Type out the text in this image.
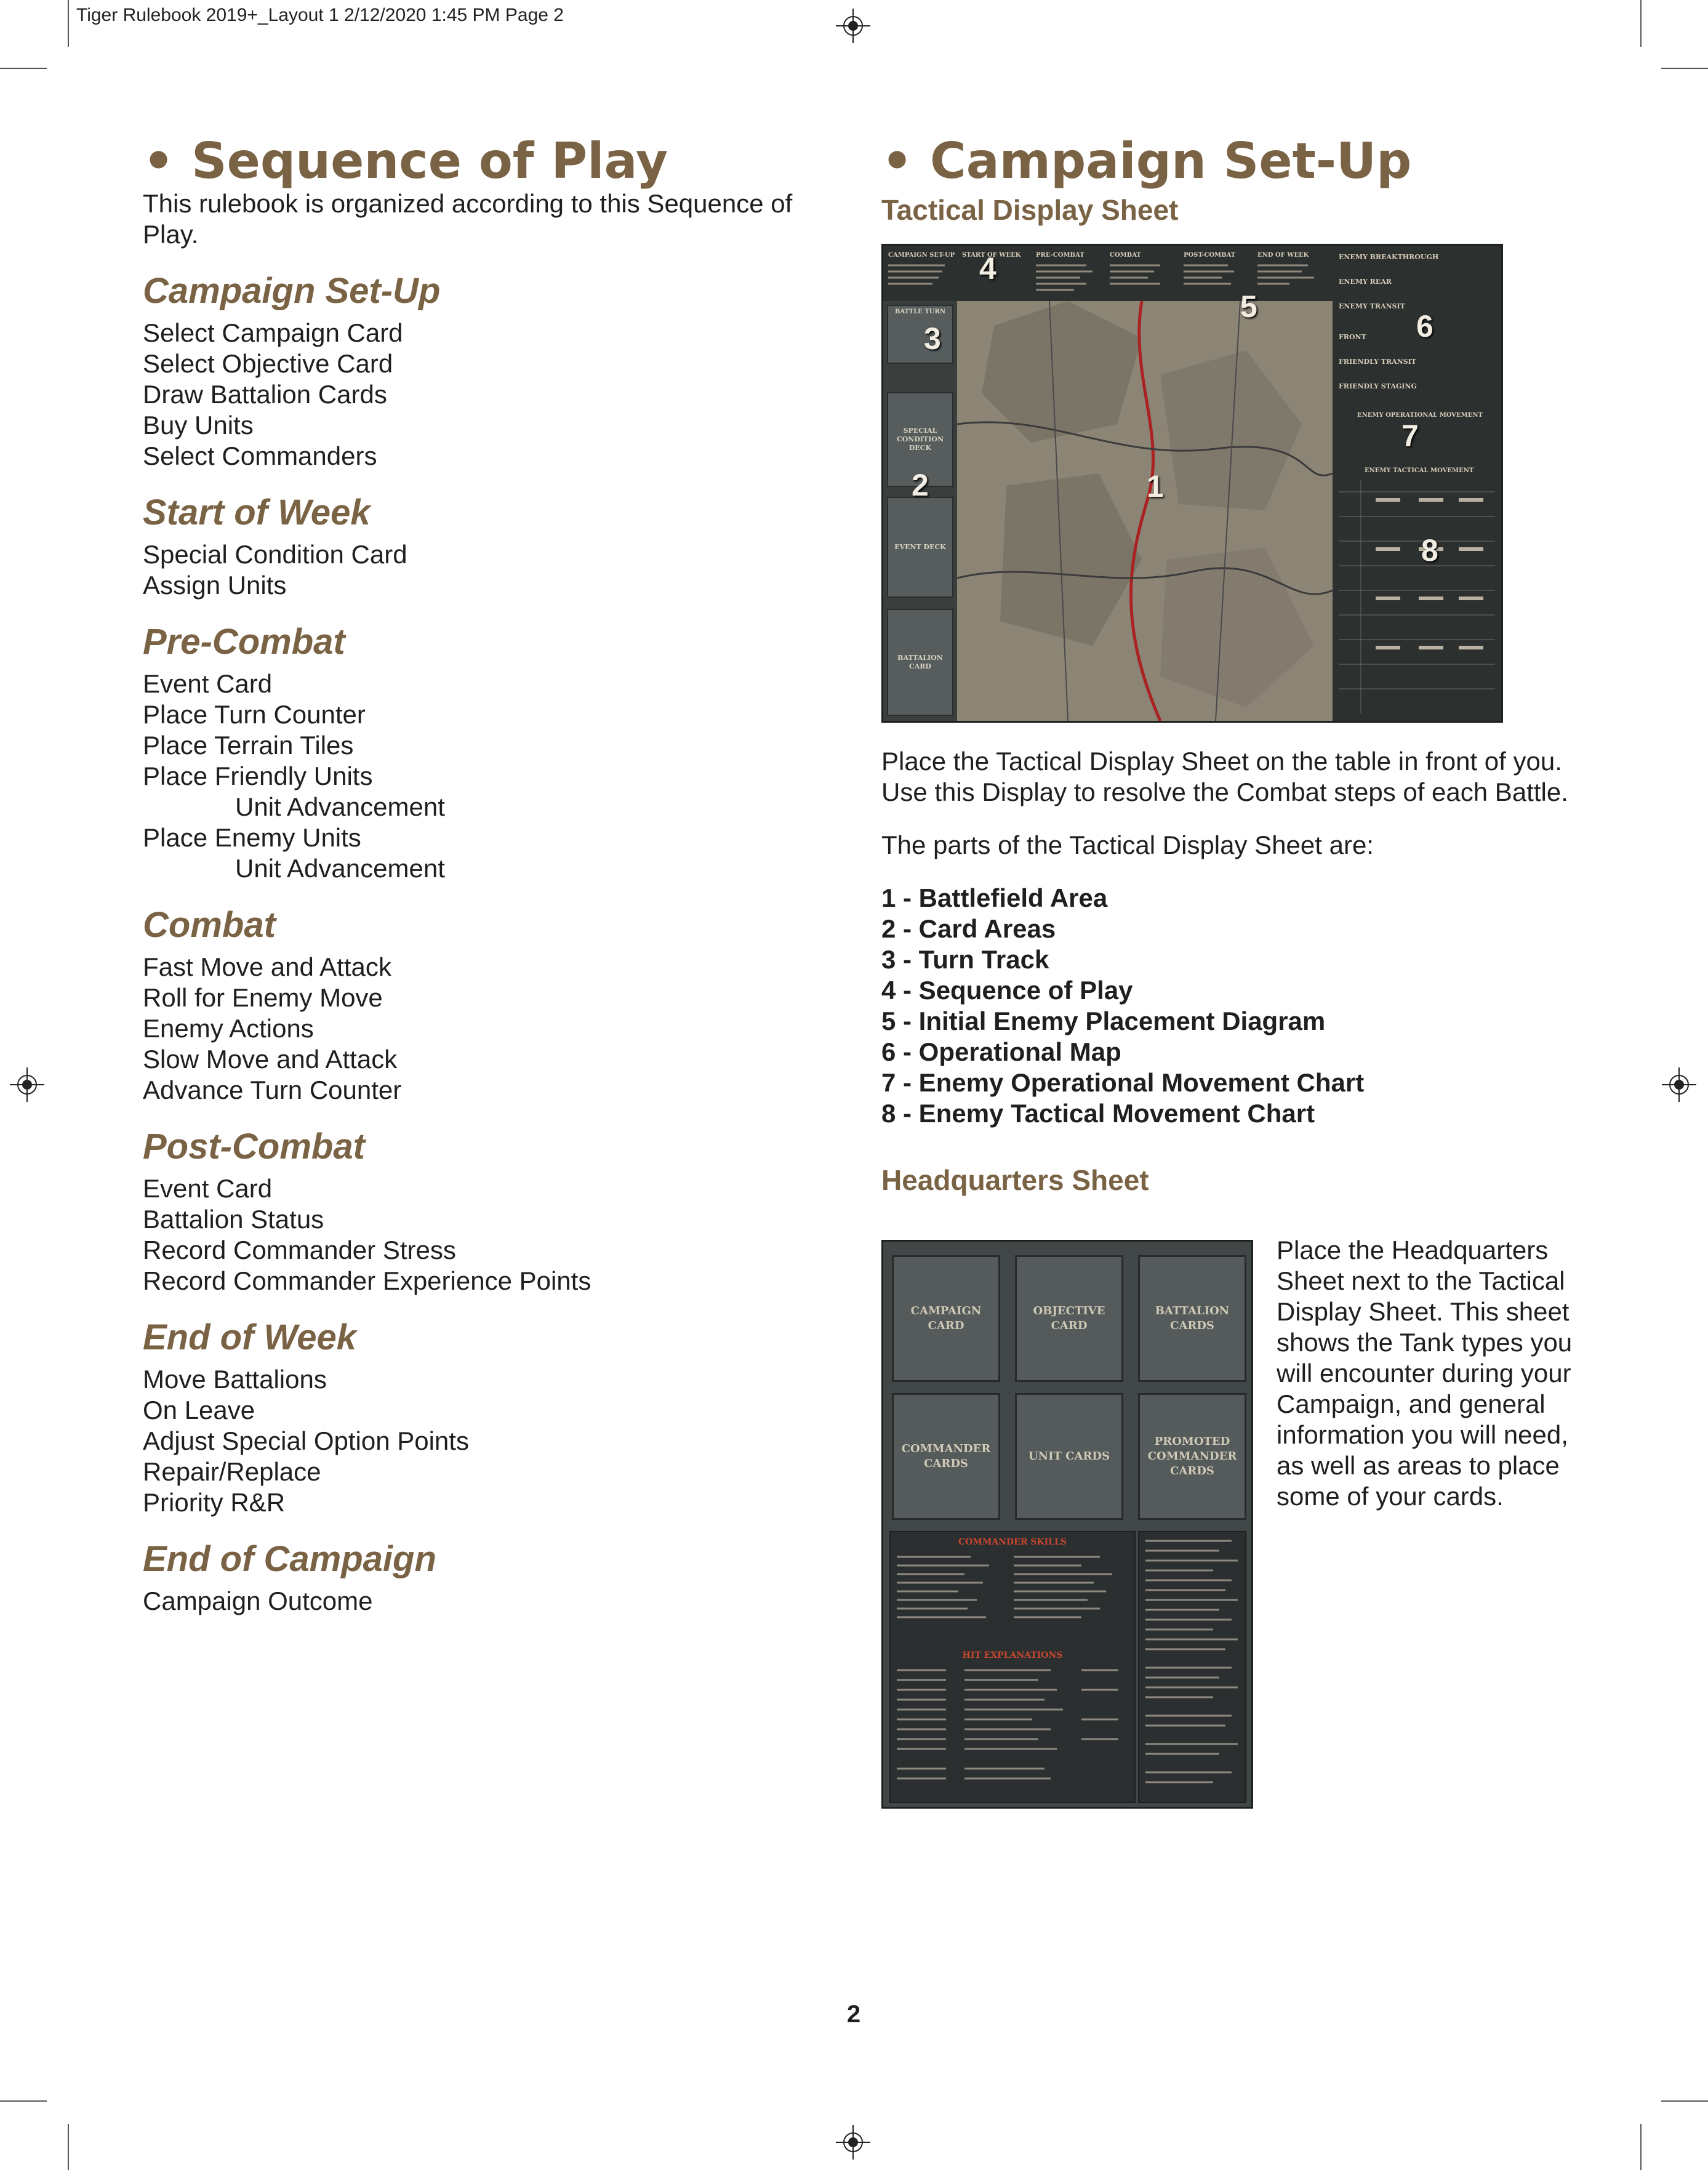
Tiger Rulebook 2019+_Layout 1 2/12/2020 1:45 PM Page 2
• Sequence of Play

This rulebook is organized according to this Sequence of Play.

Campaign Set-Up
Select Campaign Card
Select Objective Card
Draw Battalion Cards
Buy Units
Select Commanders
Start of Week
Special Condition Card
Assign Units
Pre-Combat
Event Card
Place Turn Counter
Place Terrain Tiles
Place Friendly Units
Unit Advancement
Place Enemy Units
Unit Advancement
Combat
Fast Move and Attack
Roll for Enemy Move
Enemy Actions
Slow Move and Attack
Advance Turn Counter
Post-Combat
Event Card
Battalion Status
Record Commander Stress
Record Commander Experience Points
End of Week
Move Battalions
On Leave
Adjust Special Option Points
Repair/Replace
Priority R&R
End of Campaign
Campaign Outcome
• Campaign Set-Up
Tactical Display Sheet
CAMPAIGN SET-UP START OF WEEK PRE-COMBAT	COMBAT	POST-COMBAT	END OF WEEK
BATTLE TURN
SPECIAL CONDITION DECK
EVENT DECK
BATTALION CARD
ENEMY BREAKTHROUGH
ENEMY REAR
ENEMY TRANSIT
FRONT
FRIENDLY TRANSIT
FRIENDLY STAGING
ENEMY OPERATIONAL MOVEMENT
ENEMY TACTICAL MOVEMENT
1
2
3
4
5
6
7
8

Place the Tactical Display Sheet on the table in front of you. Use this Display to resolve the Combat steps of each Battle.

The parts of the Tactical Display Sheet are:

1 - Battlefield Area
2 - Card Areas
3 - Turn Track
4 - Sequence of Play
5 - Initial Enemy Placement Diagram
6 - Operational Map
7 - Enemy Operational Movement Chart
8 - Enemy Tactical Movement Chart
Headquarters Sheet
CAMPAIGN CARD
OBJECTIVE CARD
BATTALION CARDS
COMMANDER CARDS
UNIT CARDS
PROMOTED COMMANDER CARDS
COMMANDER SKILLS
HIT EXPLANATIONS

Place the Headquarters Sheet next to the Tactical Display Sheet. This sheet shows the Tank types you will encounter during your Campaign, and general information you will need, as well as areas to place some of your cards.

2
